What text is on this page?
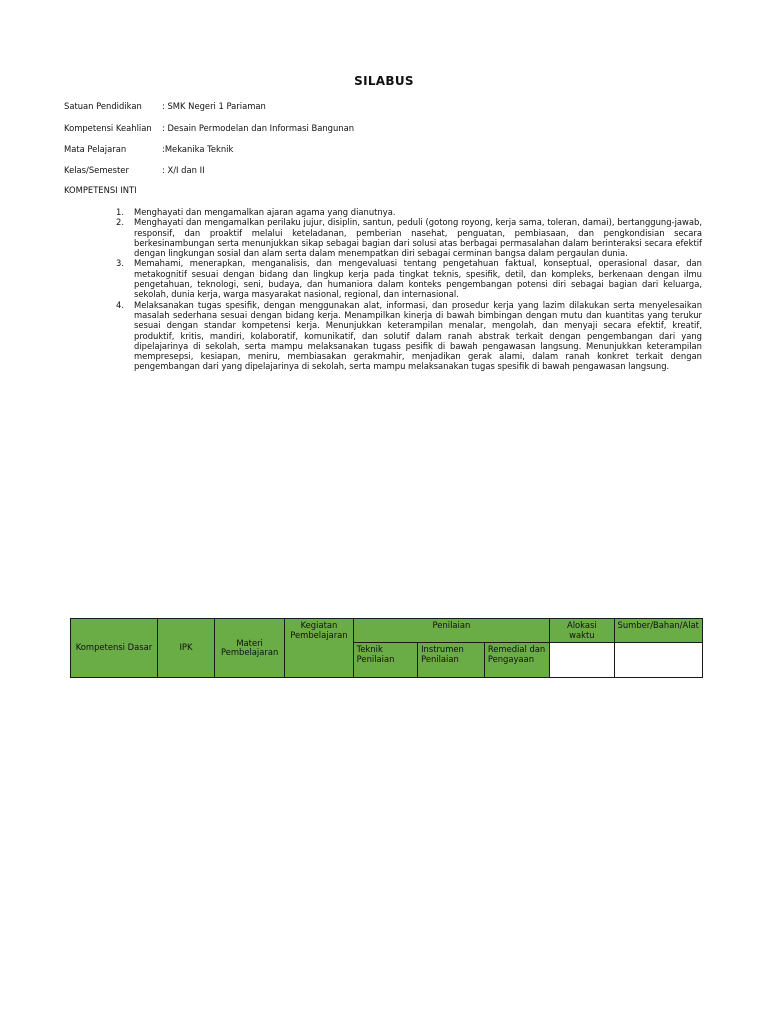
SILABUS
Satuan Pendidikan : SMK Negeri 1 Pariaman
Kompetensi Keahlian : Desain Permodelan dan Informasi Bangunan
Mata Pelajaran	:Mekanika Teknik
Kelas/Semester	: X/I dan II
KOMPETENSI INTI
1. Menghayati dan mengamalkan ajaran agama yang dianutnya.
2. Menghayati dan mengamalkan perilaku jujur, disiplin, santun, peduli (gotong royong, kerja sama, toleran, damai), bertanggung-jawab, responsif, dan proaktif melalui keteladanan, pemberian nasehat, penguatan, pembiasaan, dan pengkondisian secara berkesinambungan serta menunjukkan sikap sebagai bagian dari solusi atas berbagai permasalahan dalam berinteraksi secara efektif dengan lingkungan sosial dan alam serta dalam menempatkan diri sebagai cerminan bangsa dalam pergaulan dunia.
3. Memahami, menerapkan, menganalisis, dan mengevaluasi tentang pengetahuan faktual, konseptual, operasional dasar, dan metakognitif sesuai dengan bidang dan lingkup kerja pada tingkat teknis, spesifik, detil, dan kompleks, berkenaan dengan ilmu pengetahuan, teknologi, seni, budaya, dan humaniora dalam konteks pengembangan potensi diri sebagai bagian dari keluarga, sekolah, dunia kerja, warga masyarakat nasional, regional, dan internasional.
4. Melaksanakan tugas spesifik, dengan menggunakan alat, informasi, dan prosedur kerja yang lazim dilakukan serta menyelesaikan masalah sederhana sesuai dengan bidang kerja. Menampilkan kinerja di bawah bimbingan dengan mutu dan kuantitas yang terukur sesuai dengan standar kompetensi kerja. Menunjukkan keterampilan menalar, mengolah, dan menyaji secara efektif, kreatif, produktif, kritis, mandiri, kolaboratif, komunikatif, dan solutif dalam ranah abstrak terkait dengan pengembangan dari yang dipelajarinya di sekolah, serta mampu melaksanakan tugass pesifik di bawah pengawasan langsung. Menunjukkan keterampilan mempresepsi, kesiapan, meniru, membiasakan gerakmahir, menjadikan gerak alami, dalam ranah konkret terkait dengan pengembangan dari yang dipelajarinya di sekolah, serta mampu melaksanakan tugas spesifik di bawah pengawasan langsung.
Kompetensi Dasar	IPK	Materi Pembelajaran	Kegiatan Pembelajaran	Penilaian			Alokasi waktu	Sumber/Bahan/Alat
				Teknik Penilaian	Instrumen Penilaian	Remedial dan Pengayaan		
